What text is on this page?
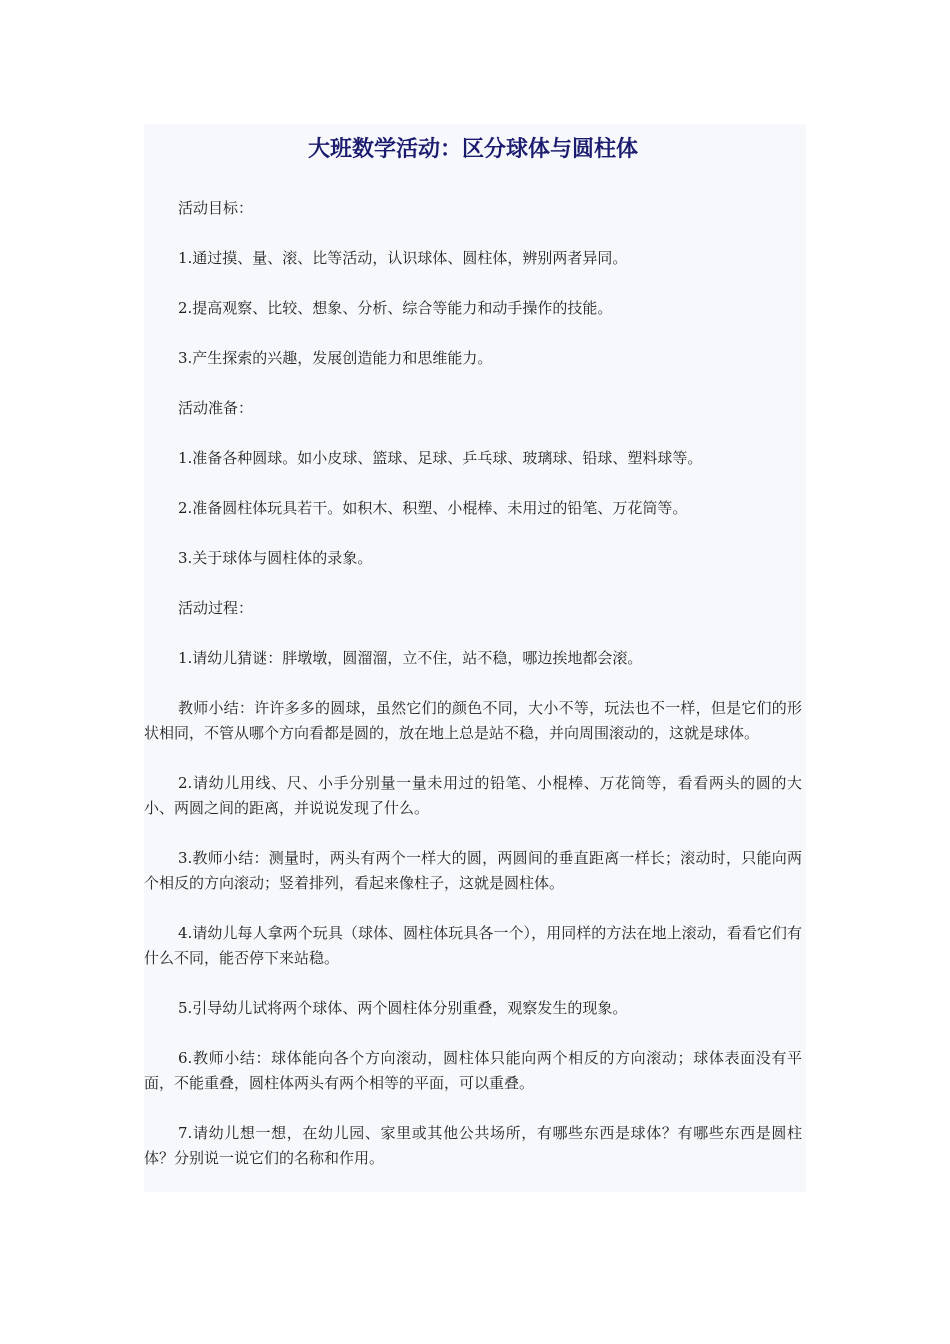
大班数学活动：区分球体与圆柱体

活动目标：

1.通过摸、量、滚、比等活动，认识球体、圆柱体，辨别两者异同。

2.提高观察、比较、想象、分析、综合等能力和动手操作的技能。

3.产生探索的兴趣，发展创造能力和思维能力。

活动准备：

1.准备各种圆球。如小皮球、篮球、足球、乒乓球、玻璃球、铅球、塑料球等。

2.准备圆柱体玩具若干。如积木、积塑、小棍棒、未用过的铅笔、万花筒等。

3.关于球体与圆柱体的录象。

活动过程：

1.请幼儿猜谜：胖墩墩，圆溜溜，立不住，站不稳，哪边挨地都会滚。

教师小结：许许多多的圆球，虽然它们的颜色不同，大小不等，玩法也不一样，但是它们的形状相同，不管从哪个方向看都是圆的，放在地上总是站不稳，并向周围滚动的，这就是球体。

2.请幼儿用线、尺、小手分别量一量未用过的铅笔、小棍棒、万花筒等，看看两头的圆的大小、两圆之间的距离，并说说发现了什么。

3.教师小结：测量时，两头有两个一样大的圆，两圆间的垂直距离一样长；滚动时，只能向两个相反的方向滚动；竖着排列，看起来像柱子，这就是圆柱体。

4.请幼儿每人拿两个玩具（球体、圆柱体玩具各一个），用同样的方法在地上滚动，看看它们有什么不同，能否停下来站稳。

5.引导幼儿试将两个球体、两个圆柱体分别重叠，观察发生的现象。

6.教师小结：球体能向各个方向滚动，圆柱体只能向两个相反的方向滚动；球体表面没有平面，不能重叠，圆柱体两头有两个相等的平面，可以重叠。

7.请幼儿想一想，在幼儿园、家里或其他公共场所，有哪些东西是球体？有哪些东西是圆柱体？分别说一说它们的名称和作用。
